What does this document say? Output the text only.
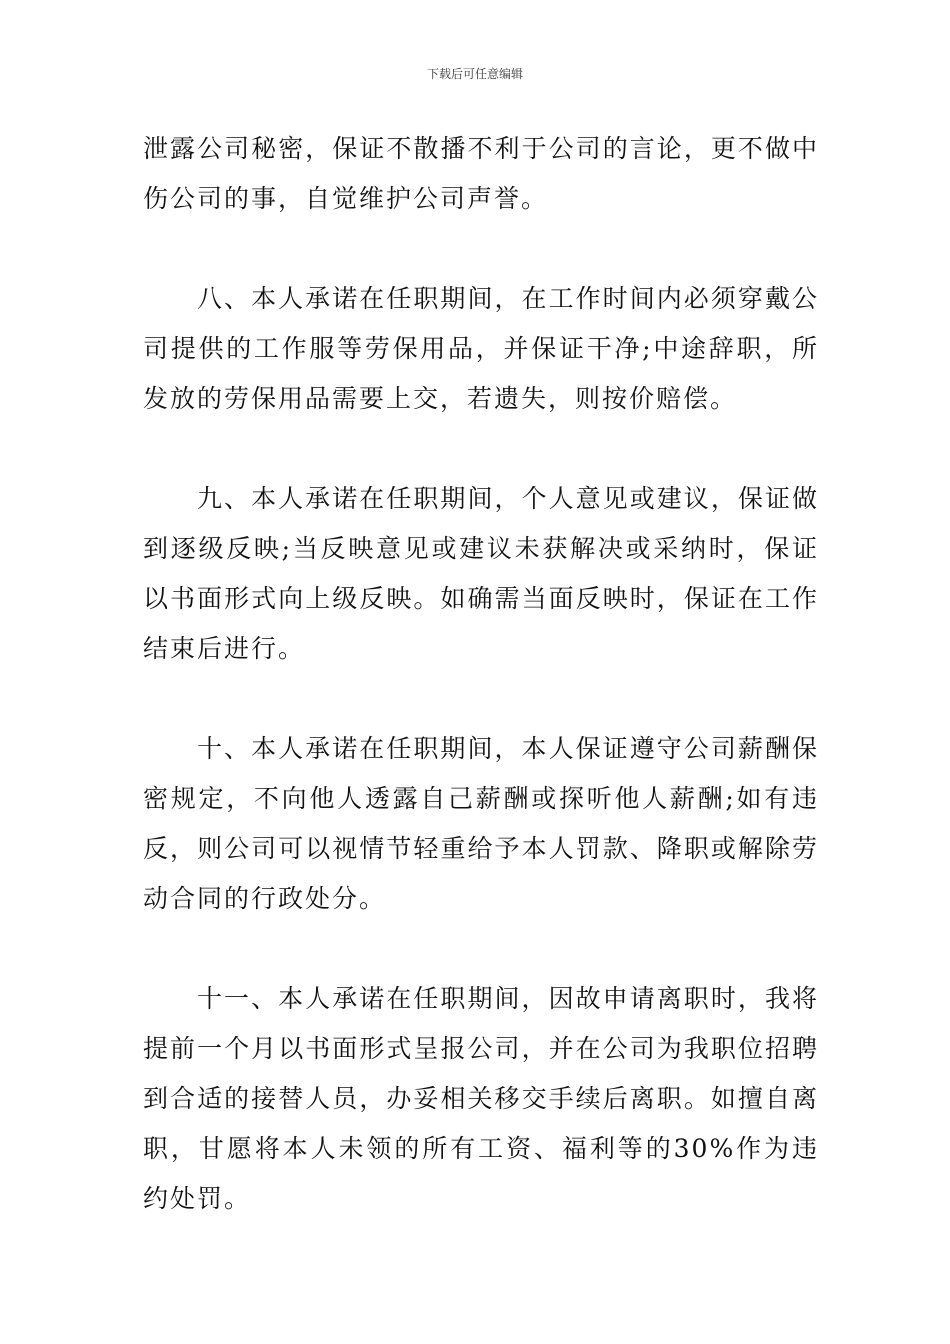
下载后可任意编辑

泄露公司秘密，保证不散播不利于公司的言论，更不做中伤公司的事，自觉维护公司声誉。

八、本人承诺在任职期间，在工作时间内必须穿戴公司提供的工作服等劳保用品，并保证干净;中途辞职，所发放的劳保用品需要上交，若遗失，则按价赔偿。

九、本人承诺在任职期间，个人意见或建议，保证做到逐级反映;当反映意见或建议未获解决或采纳时，保证以书面形式向上级反映。如确需当面反映时，保证在工作结束后进行。

十、本人承诺在任职期间，本人保证遵守公司薪酬保密规定，不向他人透露自己薪酬或探听他人薪酬;如有违反，则公司可以视情节轻重给予本人罚款、降职或解除劳动合同的行政处分。

十一、本人承诺在任职期间，因故申请离职时，我将提前一个月以书面形式呈报公司，并在公司为我职位招聘到合适的接替人员，办妥相关移交手续后离职。如擅自离职，甘愿将本人未领的所有工资、福利等的30%作为违约处罚。
